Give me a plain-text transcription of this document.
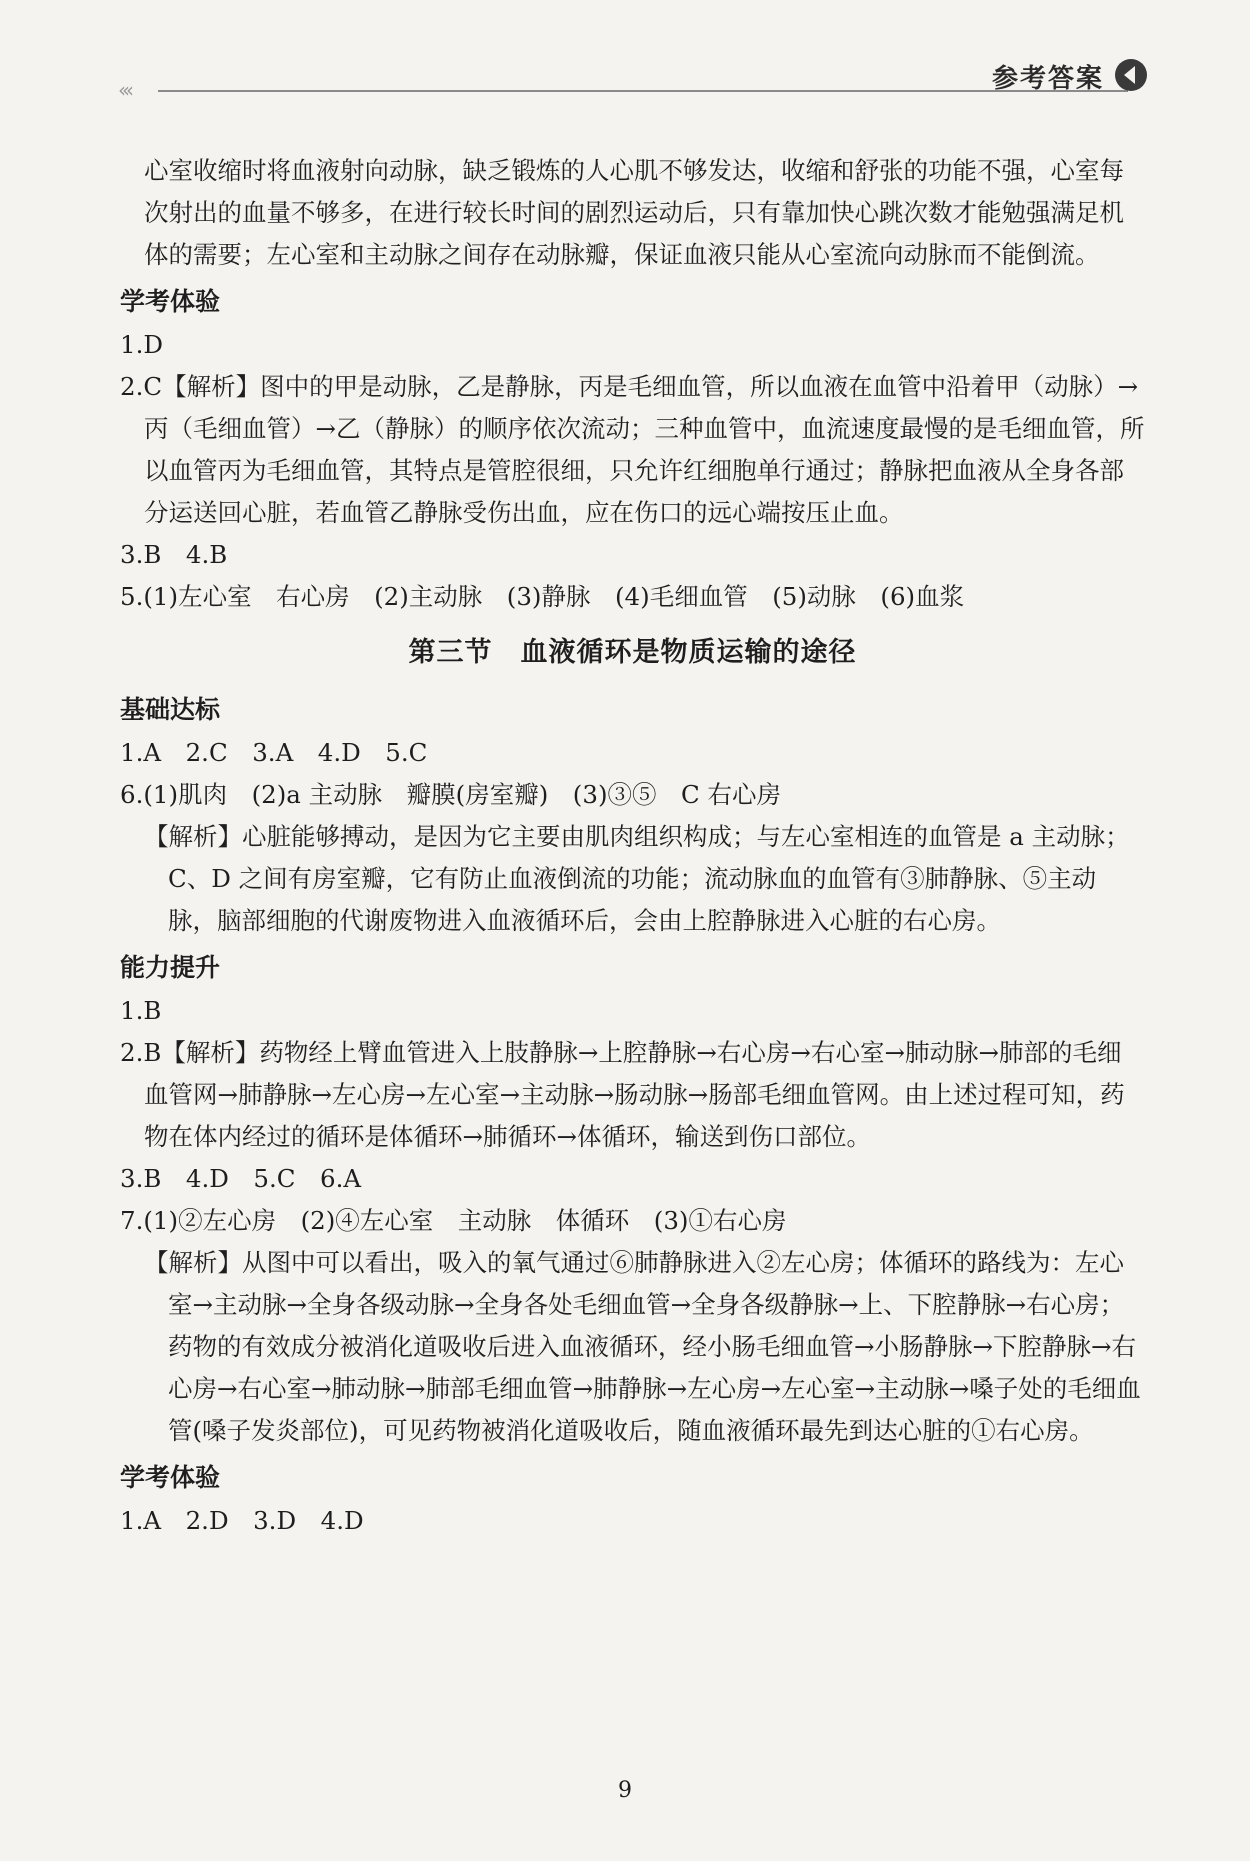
‹‹‹	参考答案

心室收缩时将血液射向动脉，缺乏锻炼的人心肌不够发达，收缩和舒张的功能不强，心室每次射出的血量不够多，在进行较长时间的剧烈运动后，只有靠加快心跳次数才能勉强满足机体的需要；左心室和主动脉之间存在动脉瓣，保证血液只能从心室流向动脉而不能倒流。

学考体验

1.D

2.C【解析】图中的甲是动脉，乙是静脉，丙是毛细血管，所以血液在血管中沿着甲（动脉）→丙（毛细血管）→乙（静脉）的顺序依次流动；三种血管中，血流速度最慢的是毛细血管，所以血管丙为毛细血管，其特点是管腔很细，只允许红细胞单行通过；静脉把血液从全身各部分运送回心脏，若血管乙静脉受伤出血，应在伤口的远心端按压止血。

3.B　4.B

5.(1)左心室　右心房　(2)主动脉　(3)静脉　(4)毛细血管　(5)动脉　(6)血浆

第三节　血液循环是物质运输的途径

基础达标

1.A　2.C　3.A　4.D　5.C

6.(1)肌肉　(2)a 主动脉　瓣膜(房室瓣)　(3)③⑤　C 右心房

【解析】心脏能够搏动，是因为它主要由肌肉组织构成；与左心室相连的血管是 a 主动脉；C、D 之间有房室瓣，它有防止血液倒流的功能；流动脉血的血管有③肺静脉、⑤主动脉，脑部细胞的代谢废物进入血液循环后，会由上腔静脉进入心脏的右心房。

能力提升

1.B

2.B【解析】药物经上臂血管进入上肢静脉→上腔静脉→右心房→右心室→肺动脉→肺部的毛细血管网→肺静脉→左心房→左心室→主动脉→肠动脉→肠部毛细血管网。由上述过程可知，药物在体内经过的循环是体循环→肺循环→体循环，输送到伤口部位。

3.B　4.D　5.C　6.A

7.(1)②左心房　(2)④左心室　主动脉　体循环　(3)①右心房

【解析】从图中可以看出，吸入的氧气通过⑥肺静脉进入②左心房；体循环的路线为：左心室→主动脉→全身各级动脉→全身各处毛细血管→全身各级静脉→上、下腔静脉→右心房；药物的有效成分被消化道吸收后进入血液循环，经小肠毛细血管→小肠静脉→下腔静脉→右心房→右心室→肺动脉→肺部毛细血管→肺静脉→左心房→左心室→主动脉→嗓子处的毛细血管(嗓子发炎部位)，可见药物被消化道吸收后，随血液循环最先到达心脏的①右心房。

学考体验

1.A　2.D　3.D　4.D

9
